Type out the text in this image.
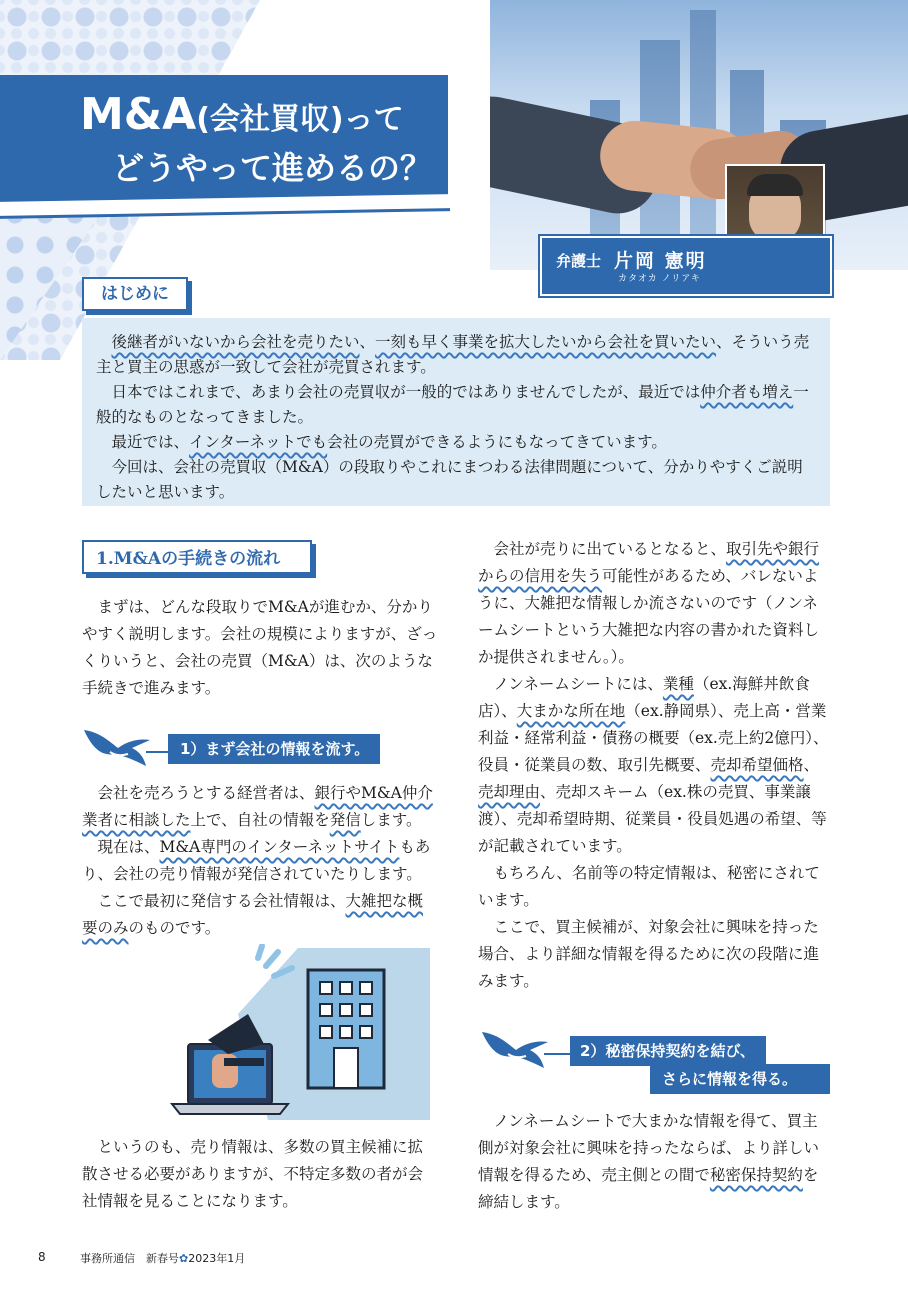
M&A(会社買収)って
どうやって進めるの？
弁護士 片岡 憲明
カタオカ ノリアキ
はじめに

　後継者がいないから会社を売りたい、一刻も早く事業を拡大したいから会社を買いたい、そういう売主と買主の思惑が一致して会社が売買されます。

　日本ではこれまで、あまり会社の売買収が一般的ではありませんでしたが、最近では仲介者も増え一般的なものとなってきました。

　最近では、インターネットでも会社の売買ができるようにもなってきています。

　今回は、会社の売買収（M&A）の段取りやこれにまつわる法律問題について、分かりやすくご説明したいと思います。

1.M&Aの手続きの流れ

　まずは、どんな段取りでM&Aが進むか、分かりやすく説明します。会社の規模によりますが、ざっくりいうと、会社の売買（M&A）は、次のような手続きで進みます。

1）まず会社の情報を流す。

　会社を売ろうとする経営者は、銀行やM&A仲介業者に相談した上で、自社の情報を発信します。

　現在は、M&A専門のインターネットサイトもあり、会社の売り情報が発信されていたりします。

　ここで最初に発信する会社情報は、大雑把な概要のみのものです。

　というのも、売り情報は、多数の買主候補に拡散させる必要がありますが、不特定多数の者が会社情報を見ることになります。

　会社が売りに出ているとなると、取引先や銀行からの信用を失う可能性があるため、バレないように、大雑把な情報しか流さないのです（ノンネームシートという大雑把な内容の書かれた資料しか提供されません。）。

　ノンネームシートには、業種（ex.海鮮丼飲食店）、大まかな所在地（ex.静岡県）、売上高・営業利益・経常利益・債務の概要（ex.売上約2億円）、役員・従業員の数、取引先概要、売却希望価格、売却理由、売却スキーム（ex.株の売買、事業譲渡）、売却希望時期、従業員・役員処遇の希望、等が記載されています。

　もちろん、名前等の特定情報は、秘密にされています。

　ここで、買主候補が、対象会社に興味を持った場合、より詳細な情報を得るために次の段階に進みます。

2）秘密保持契約を結び、
さらに情報を得る。

　ノンネームシートで大まかな情報を得て、買主側が対象会社に興味を持ったならば、より詳しい情報を得るため、売主側との間で秘密保持契約を締結します。

8	事務所通信　新春号✿2023年1月
